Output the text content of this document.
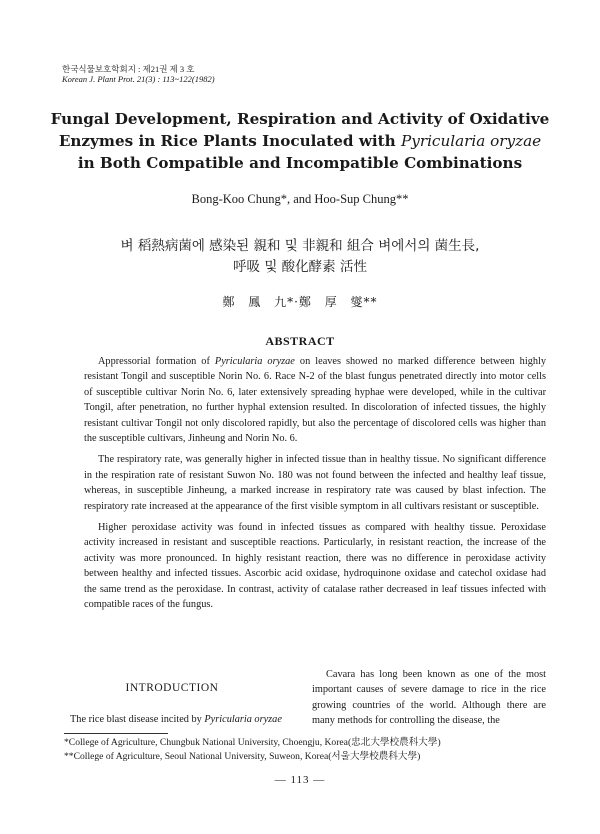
한국식물보호학회지 : 제21권 제 3 호
Korean J. Plant Prot. 21(3) : 113~122(1982)
Fungal Development, Respiration and Activity of Oxidative
Enzymes in Rice Plants Inoculated with Pyricularia oryzae
in Both Compatible and Incompatible Combinations
Bong-Koo Chung*, and Hoo-Sup Chung**
벼 稻熱病菌에 感染된 親和 및 非親和 組合 벼에서의 菌生長,
呼吸 및 酸化酵素 活性
鄭 鳳 九*·鄭 厚 燮**
ABSTRACT

Appressorial formation of Pyricularia oryzae on leaves showed no marked difference between highly resistant Tongil and susceptible Norin No. 6. Race N-2 of the blast fungus penetrated directly into motor cells of susceptible cultivar Norin No. 6, later extensively spreading hyphae were developed, while in the cultivar Tongil, after penetration, no further hyphal extension resulted. In discoloration of infected tissues, the highly resistant cultivar Tongil not only discolored rapidly, but also the percentage of discolored cells was higher than the susceptible cultivars, Jinheung and Norin No. 6.

The respiratory rate, was generally higher in infected tissue than in healthy tissue. No significant difference in the respiration rate of resistant Suwon No. 180 was not found between the infected and healthy leaf tissue, whereas, in susceptible Jinheung, a marked increase in respiratory rate was caused by blast infection. The respiratory rate increased at the appearance of the first visible symptom in all cultivars resistant or susceptible.

Higher peroxidase activity was found in infected tissues as compared with healthy tissue. Peroxidase activity increased in resistant and susceptible reactions. Particularly, in resistant reaction, the increase of the activity was more pronounced. In highly resistant reaction, there was no difference in peroxidase activity between healthy and infected tissues. Ascorbic acid oxidase, hydroquinone oxidase and catechol oxidase had the same trend as the peroxidase. In contrast, activity of catalase rather decreased in leaf tissues infected with compatible races of the fungus.

INTRODUCTION
The rice blast disease incited by Pyricularia oryzae
Cavara has long been known as one of the most important causes of severe damage to rice in the rice growing countries of the world. Although there are many methods for controlling the disease, the
*College of Agriculture, Chungbuk National University, Choengju, Korea(忠北大學校農科大學)
**College of Agriculture, Seoul National University, Suweon, Korea(서울大學校農科大學)
— 113 —
